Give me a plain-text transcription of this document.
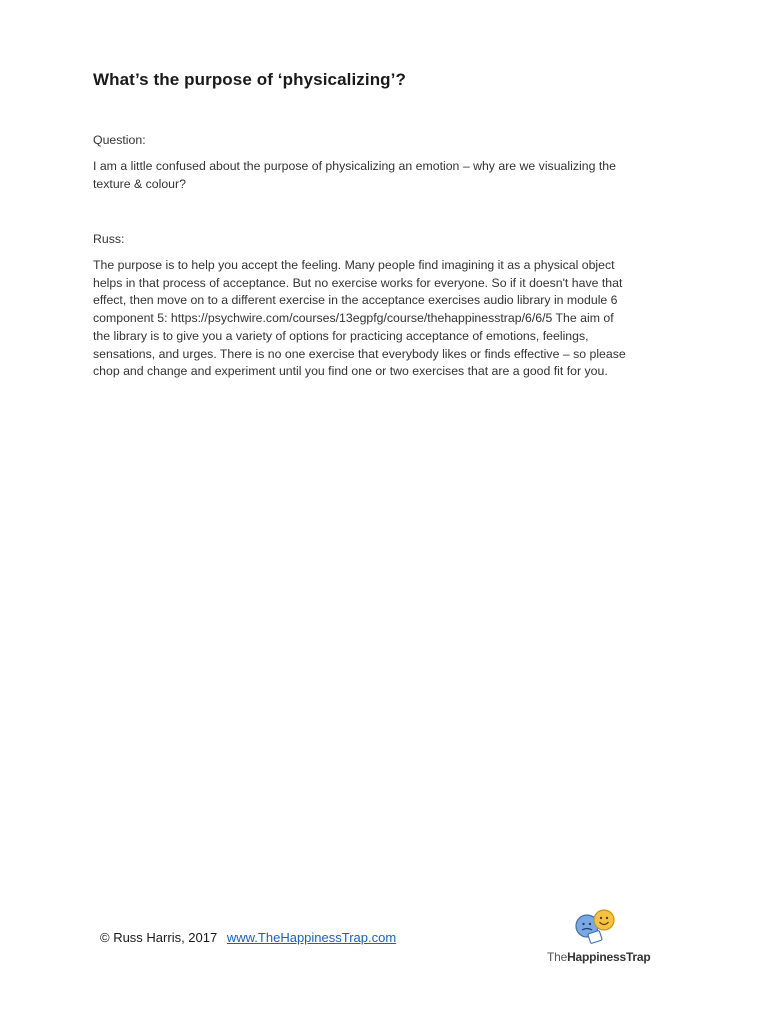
What’s the purpose of ‘physicalizing’?
Question:
I am a little confused about the purpose of physicalizing an emotion – why are we visualizing the
texture & colour?
Russ:
The purpose is to help you accept the feeling. Many people find imagining it as a physical object
helps in that process of acceptance. But no exercise works for everyone. So if it doesn't have that
effect, then move on to a different exercise in the acceptance exercises audio library in module 6
component 5: https://psychwire.com/courses/13egpfg/course/thehappinesstrap/6/6/5 The aim of
the library is to give you a variety of options for practicing acceptance of emotions, feelings,
sensations, and urges. There is no one exercise that everybody likes or finds effective – so please
chop and change and experiment until you find one or two exercises that are a good fit for you.
© Russ Harris, 2017 www.TheHappinessTrap.com
TheHappinessTrap
